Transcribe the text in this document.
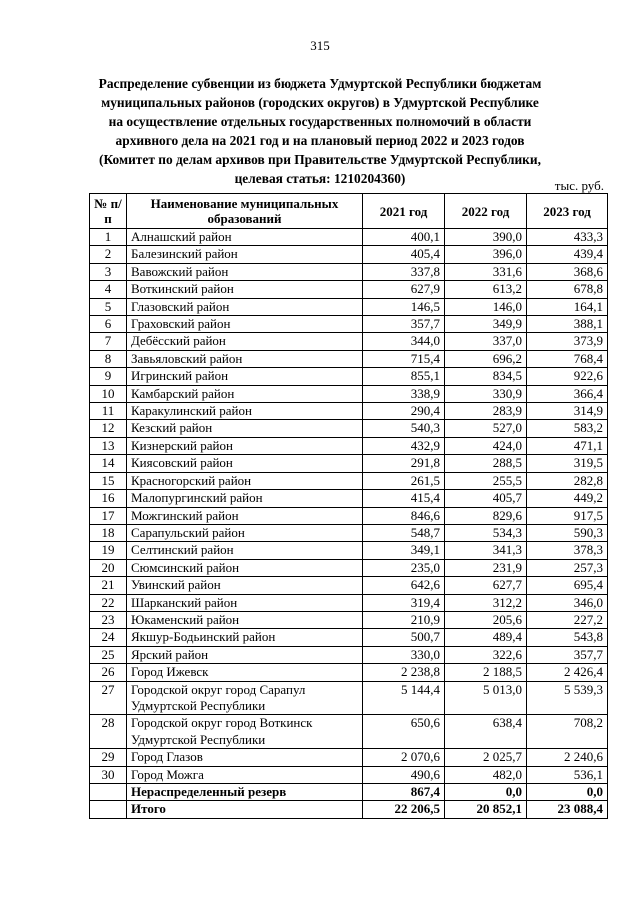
315
Распределение субвенции из бюджета Удмуртской Республики бюджетам
муниципальных районов (городских округов) в Удмуртской Республике
на осуществление отдельных государственных полномочий в области
архивного дела на 2021 год и на плановый период 2022 и 2023 годов
(Комитет по делам архивов при Правительстве Удмуртской Республики,
целевая статья: 1210204360)	тыс. руб.
№ п/п	Наименование муниципальных образований	2021 год	2022 год	2023 год
1	Алнашский район	400,1	390,0	433,3
2	Балезинский район	405,4	396,0	439,4
3	Вавожский район	337,8	331,6	368,6
4	Воткинский район	627,9	613,2	678,8
5	Глазовский район	146,5	146,0	164,1
6	Граховский район	357,7	349,9	388,1
7	Дебёсский район	344,0	337,0	373,9
8	Завьяловский район	715,4	696,2	768,4
9	Игринский район	855,1	834,5	922,6
10	Камбарский район	338,9	330,9	366,4
11	Каракулинский район	290,4	283,9	314,9
12	Кезский район	540,3	527,0	583,2
13	Кизнерский район	432,9	424,0	471,1
14	Киясовский район	291,8	288,5	319,5
15	Красногорский район	261,5	255,5	282,8
16	Малопургинский район	415,4	405,7	449,2
17	Можгинский район	846,6	829,6	917,5
18	Сарапульский район	548,7	534,3	590,3
19	Селтинский район	349,1	341,3	378,3
20	Сюмсинский район	235,0	231,9	257,3
21	Увинский район	642,6	627,7	695,4
22	Шарканский район	319,4	312,2	346,0
23	Юкаменский район	210,9	205,6	227,2
24	Якшур-Бодьинский район	500,7	489,4	543,8
25	Ярский район	330,0	322,6	357,7
26	Город Ижевск	2 238,8	2 188,5	2 426,4
27	Городской округ город Сарапул Удмуртской Республики	5 144,4	5 013,0	5 539,3
28	Городской округ город Воткинск Удмуртской Республики	650,6	638,4	708,2
29	Город Глазов	2 070,6	2 025,7	2 240,6
30	Город Можга	490,6	482,0	536,1
	Нераспределенный резерв	867,4	0,0	0,0
	Итого	22 206,5	20 852,1	23 088,4
